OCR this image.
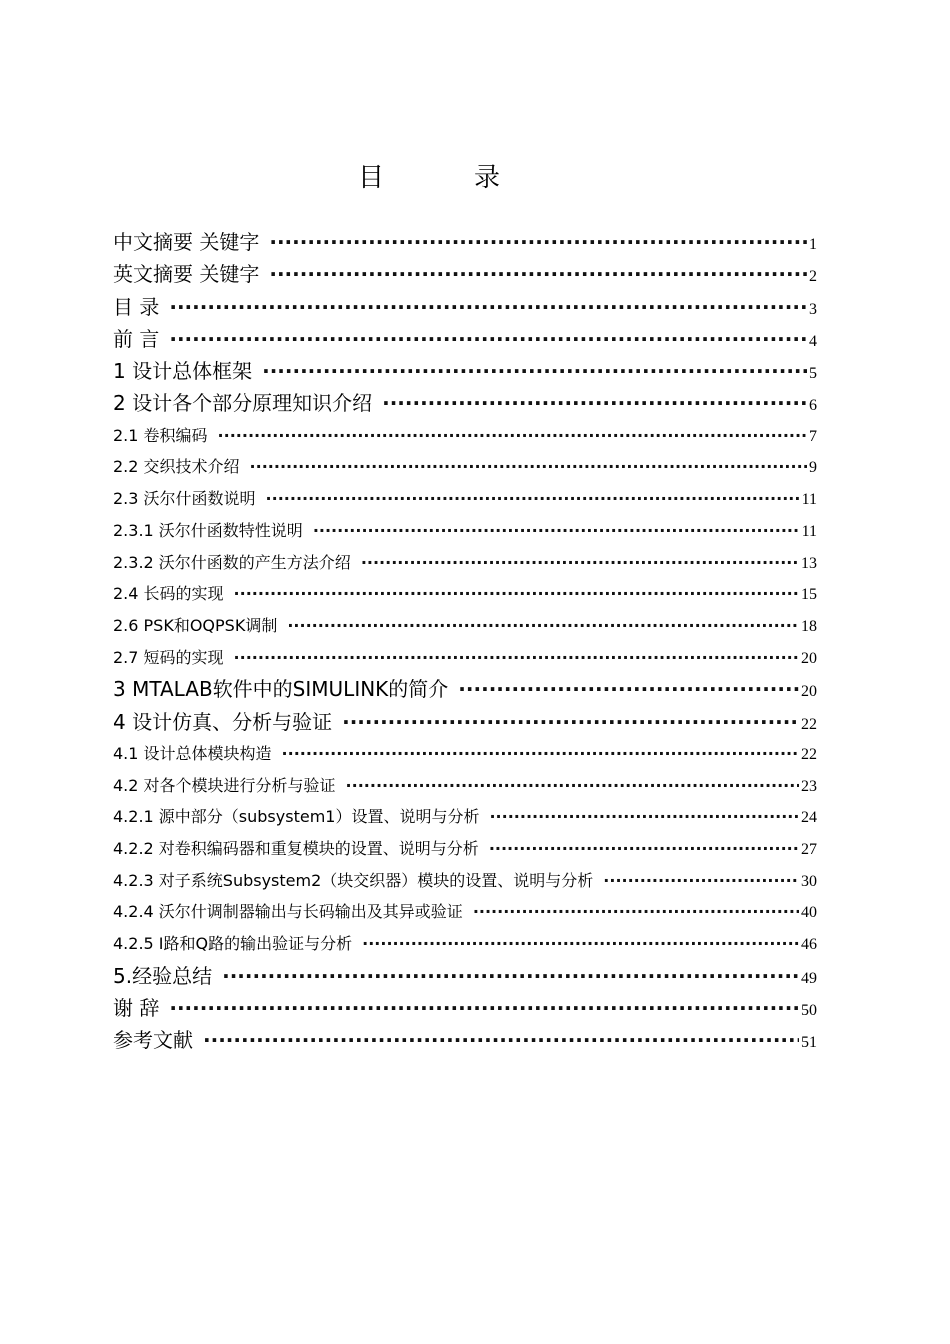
目　录
中文摘要 关键字 ·····	1
英文摘要 关键字 ·····	2
目 录 ·····	3
前 言 ·····	4
1 设计总体框架 ·····	5
2 设计各个部分原理知识介绍 ·····	6
2.1 卷积编码 ·····	7
2.2 交织技术介绍 ·····	9
2.3 沃尔什函数说明 ·····	11
2.3.1 沃尔什函数特性说明 ·····	11
2.3.2 沃尔什函数的产生方法介绍 ·····	13
2.4 长码的实现 ·····	15
2.6 PSK和OQPSK调制 ·····	18
2.7 短码的实现 ·····	20
3 MTALAB软件中的SIMULINK的简介 ·····	20
4 设计仿真、分析与验证 ·····	22
4.1 设计总体模块构造 ·····	22
4.2 对各个模块进行分析与验证 ·····	23
4.2.1 源中部分（subsystem1）设置、说明与分析 ·····	24
4.2.2 对卷积编码器和重复模块的设置、说明与分析 ·····	27
4.2.3 对子系统Subsystem2（块交织器）模块的设置、说明与分析 ·····	30
4.2.4 沃尔什调制器输出与长码输出及其异或验证 ·····	40
4.2.5 I路和Q路的输出验证与分析 ·····	46
5.经验总结 ·····	49
谢 辞 ·····	50
参考文献 ·····	51
